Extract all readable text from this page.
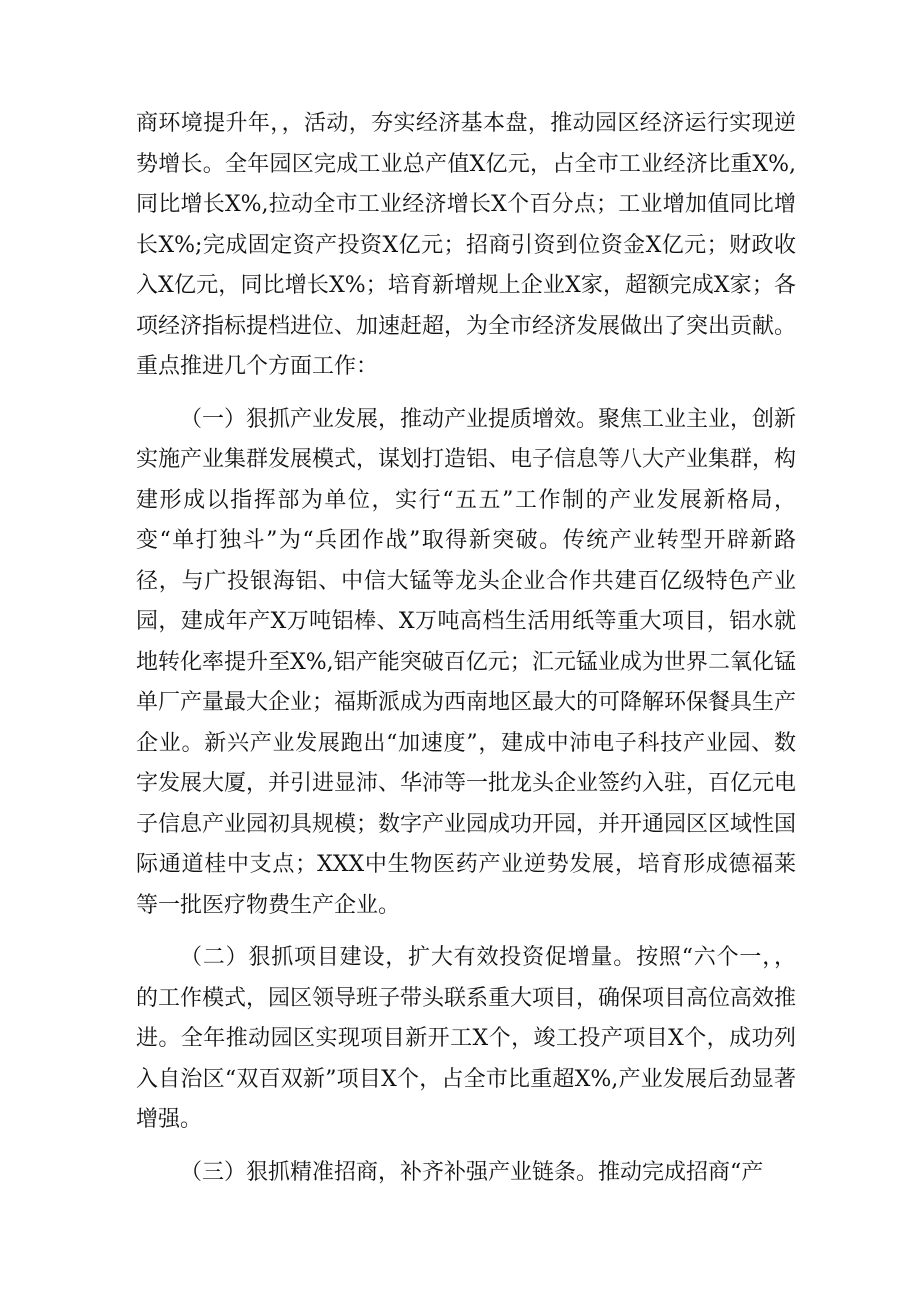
商环境提升年，，活动，夯实经济基本盘，推动园区经济运行实现逆势增长。全年园区完成工业总产值X亿元，占全市工业经济比重X%,同比增长X%,拉动全市工业经济增长X个百分点；工业增加值同比增长X%;完成固定资产投资X亿元；招商引资到位资金X亿元；财政收入X亿元，同比增长X%；培育新增规上企业X家，超额完成X家；各项经济指标提档进位、加速赶超，为全市经济发展做出了突出贡献。重点推进几个方面工作：

（一）狠抓产业发展，推动产业提质增效。聚焦工业主业，创新实施产业集群发展模式，谋划打造铝、电子信息等八大产业集群，构建形成以指挥部为单位，实行“五五”工作制的产业发展新格局，变“单打独斗”为“兵团作战”取得新突破。传统产业转型开辟新路径，与广投银海铝、中信大锰等龙头企业合作共建百亿级特色产业园，建成年产X万吨铝棒、X万吨高档生活用纸等重大项目，铝水就地转化率提升至X%,铝产能突破百亿元；汇元锰业成为世界二氧化锰单厂产量最大企业；福斯派成为西南地区最大的可降解环保餐具生产企业。新兴产业发展跑出“加速度”，建成中沛电子科技产业园、数字发展大厦，并引进显沛、华沛等一批龙头企业签约入驻，百亿元电子信息产业园初具规模；数字产业园成功开园，并开通园区区域性国际通道桂中支点；XXX中生物医药产业逆势发展，培育形成德福莱等一批医疗物费生产企业。

（二）狠抓项目建设，扩大有效投资促增量。按照“六个一，，的工作模式，园区领导班子带头联系重大项目，确保项目高位高效推进。全年推动园区实现项目新开工X个，竣工投产项目X个，成功列入自治区“双百双新”项目X个，占全市比重超X%,产业发展后劲显著增强。

（三）狠抓精准招商，补齐补强产业链条。推动完成招商“产
